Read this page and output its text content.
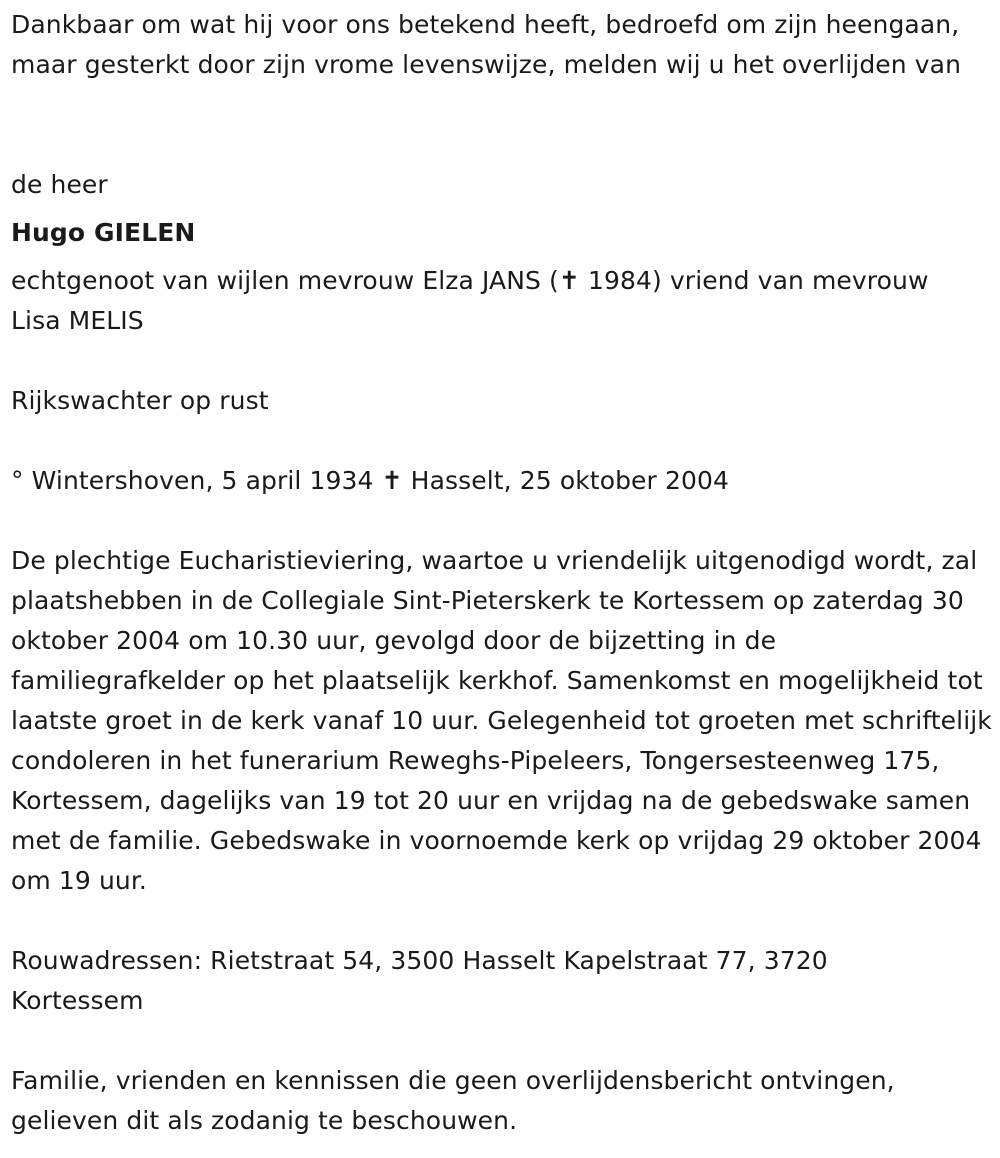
Dankbaar om wat hij voor ons betekend heeft, bedroefd om zijn heengaan, maar gesterkt door zijn vrome levenswijze, melden wij u het overlijden van

de heer

Hugo GIELEN

echtgenoot van wijlen mevrouw Elza JANS (✝ 1984) vriend van mevrouw Lisa MELIS

Rijkswachter op rust

° Wintershoven, 5 april 1934 ✝ Hasselt, 25 oktober 2004

De plechtige Eucharistieviering, waartoe u vriendelijk uitgenodigd wordt, zal plaatshebben in de Collegiale Sint-Pieterskerk te Kortessem op zaterdag 30 oktober 2004 om 10.30 uur, gevolgd door de bijzetting in de familiegrafkelder op het plaatselijk kerkhof. Samenkomst en mogelijkheid tot laatste groet in de kerk vanaf 10 uur. Gelegenheid tot groeten met schriftelijk condoleren in het funerarium Reweghs-Pipeleers, Tongersesteenweg 175, Kortessem, dagelijks van 19 tot 20 uur en vrijdag na de gebedswake samen met de familie. Gebedswake in voornoemde kerk op vrijdag 29 oktober 2004 om 19 uur.

Rouwadressen: Rietstraat 54, 3500 Hasselt Kapelstraat 77, 3720 Kortessem

Familie, vrienden en kennissen die geen overlijdensbericht ontvingen, gelieven dit als zodanig te beschouwen.
